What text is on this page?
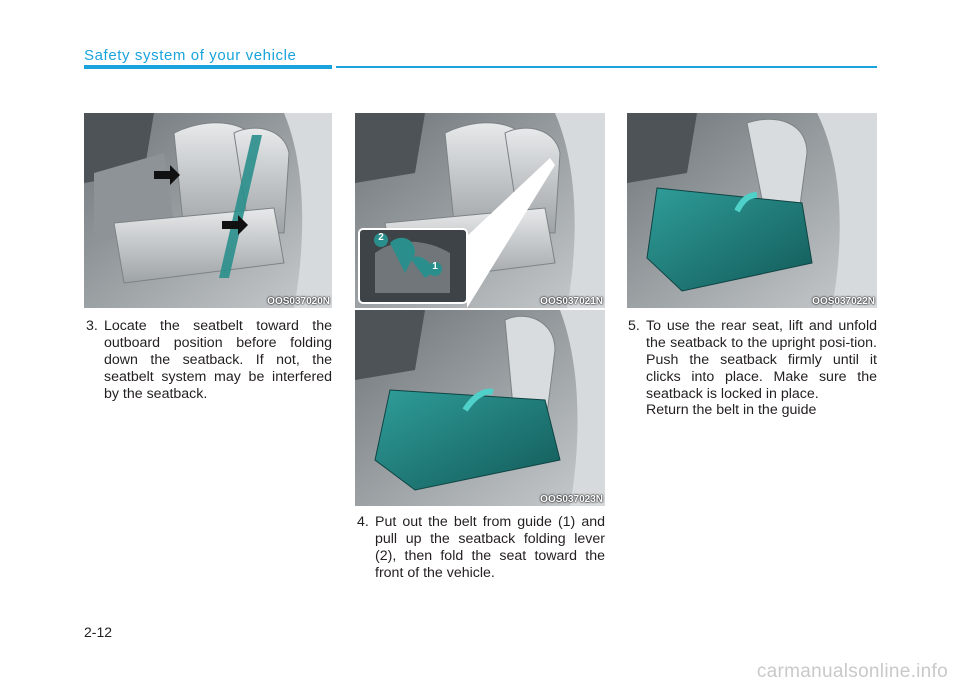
Safety system of your vehicle
OOS037020N
2
1
OOS037021N
OOS037023N
OOS037022N
3. Locate the seatbelt toward the outboard position before folding down the seatback. If not, the seatbelt system may be interfered by the seatback.
4. Put out the belt from guide (1) and pull up the seatback folding lever (2), then fold the seat toward the front of the vehicle.
5. To use the rear seat, lift and unfold the seatback to the upright posi-tion. Push the seatback firmly until it clicks into place. Make sure the seatback is locked in place.
Return the belt in the guide
2-12
carmanualsonline.info
